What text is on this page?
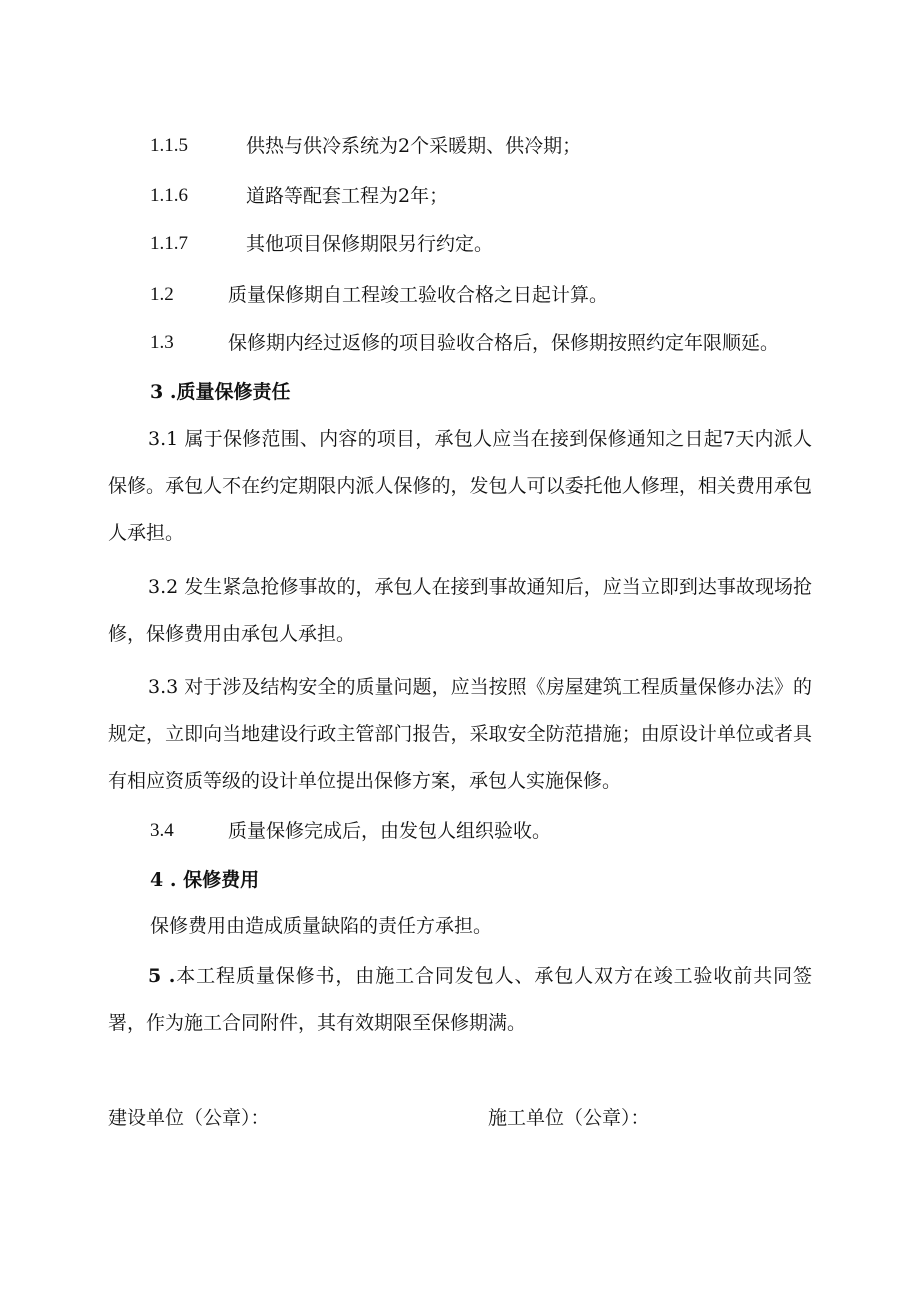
1.1.5	供热与供冷系统为2个采暖期、供冷期；
1.1.6	道路等配套工程为2年；
1.1.7	其他项目保修期限另行约定。
1.2	质量保修期自工程竣工验收合格之日起计算。
1.3	保修期内经过返修的项目验收合格后，保修期按照约定年限顺延。
3 .质量保修责任
3.1 属于保修范围、内容的项目，承包人应当在接到保修通知之日起7天内派人保修。承包人不在约定期限内派人保修的，发包人可以委托他人修理，相关费用承包人承担。
3.2 发生紧急抢修事故的，承包人在接到事故通知后，应当立即到达事故现场抢修，保修费用由承包人承担。
3.3 对于涉及结构安全的质量问题，应当按照《房屋建筑工程质量保修办法》的规定，立即向当地建设行政主管部门报告，采取安全防范措施；由原设计单位或者具有相应资质等级的设计单位提出保修方案，承包人实施保修。
3.4	质量保修完成后，由发包人组织验收。
4 . 保修费用
保修费用由造成质量缺陷的责任方承担。
5 .本工程质量保修书，由施工合同发包人、承包人双方在竣工验收前共同签署，作为施工合同附件，其有效期限至保修期满。
建设单位（公章）：	施工单位（公章）：
